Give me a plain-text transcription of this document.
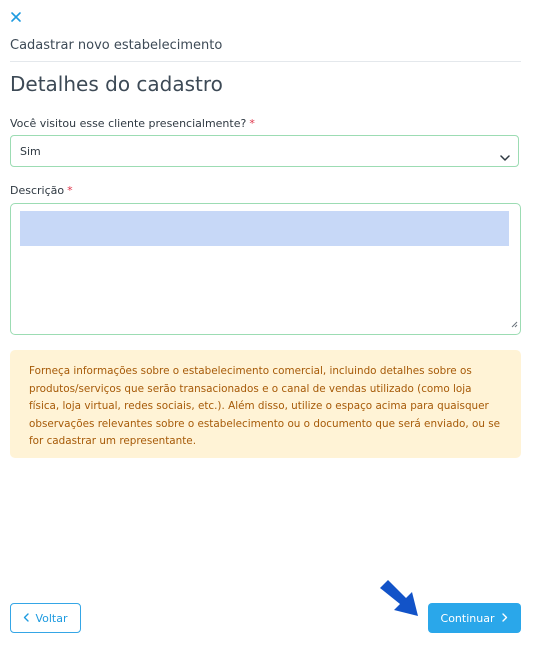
Cadastrar novo estabelecimento
Detalhes do cadastro
Você visitou esse cliente presencialmente? *
Sim
Descrição *
Forneça informações sobre o estabelecimento comercial, incluindo detalhes sobre os produtos/serviços que serão transacionados e o canal de vendas utilizado (como loja física, loja virtual, redes sociais, etc.). Além disso, utilize o espaço acima para quaisquer observações relevantes sobre o estabelecimento ou o documento que será enviado, ou se for cadastrar um representante.
Voltar	Continuar
